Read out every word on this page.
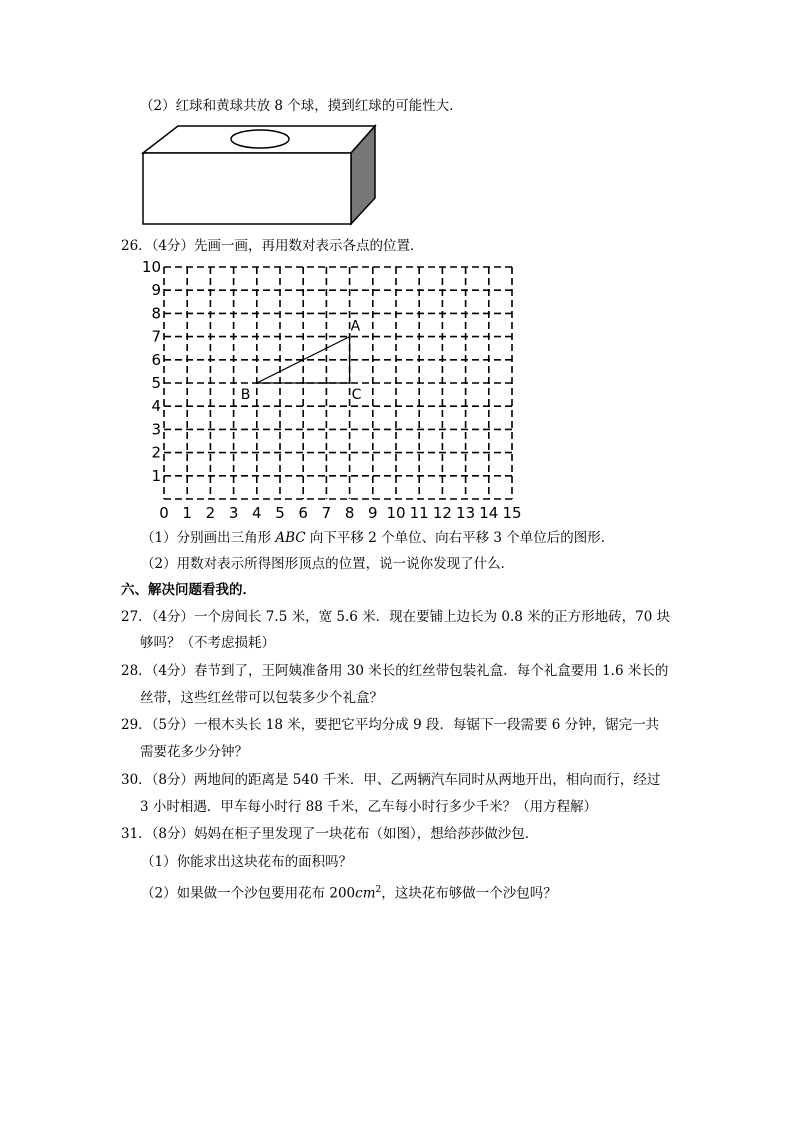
（2）红球和黄球共放 8 个球，摸到红球的可能性大．
26．（4分）先画一画，再用数对表示各点的位置．
0 1 2 3 4 5 6 7 8 9 10 11 12 13 14 15
1
2
3
4
5
6
7
8
9
10
A
B	C
（1）分别画出三角形 ABC 向下平移 2 个单位、向右平移 3 个单位后的图形．
（2）用数对表示所得图形顶点的位置，说一说你发现了什么．
六、解决问题看我的．
27．（4分）一个房间长 7.5 米，宽 5.6 米．现在要铺上边长为 0.8 米的正方形地砖，70 块
够吗？（不考虑损耗）
28．（4分）春节到了，王阿姨准备用 30 米长的红丝带包装礼盒．每个礼盒要用 1.6 米长的
丝带，这些红丝带可以包装多少个礼盒？
29．（5分）一根木头长 18 米，要把它平均分成 9 段．每锯下一段需要 6 分钟，锯完一共
需要花多少分钟？
30．（8分）两地间的距离是 540 千米．甲、乙两辆汽车同时从两地开出，相向而行，经过
3 小时相遇．甲车每小时行 88 千米，乙车每小时行多少千米？（用方程解）
31．（8分）妈妈在柜子里发现了一块花布（如图），想给莎莎做沙包．
（1）你能求出这块花布的面积吗？
（2）如果做一个沙包要用花布 $200cm^2$，这块花布够做一个沙包吗？
